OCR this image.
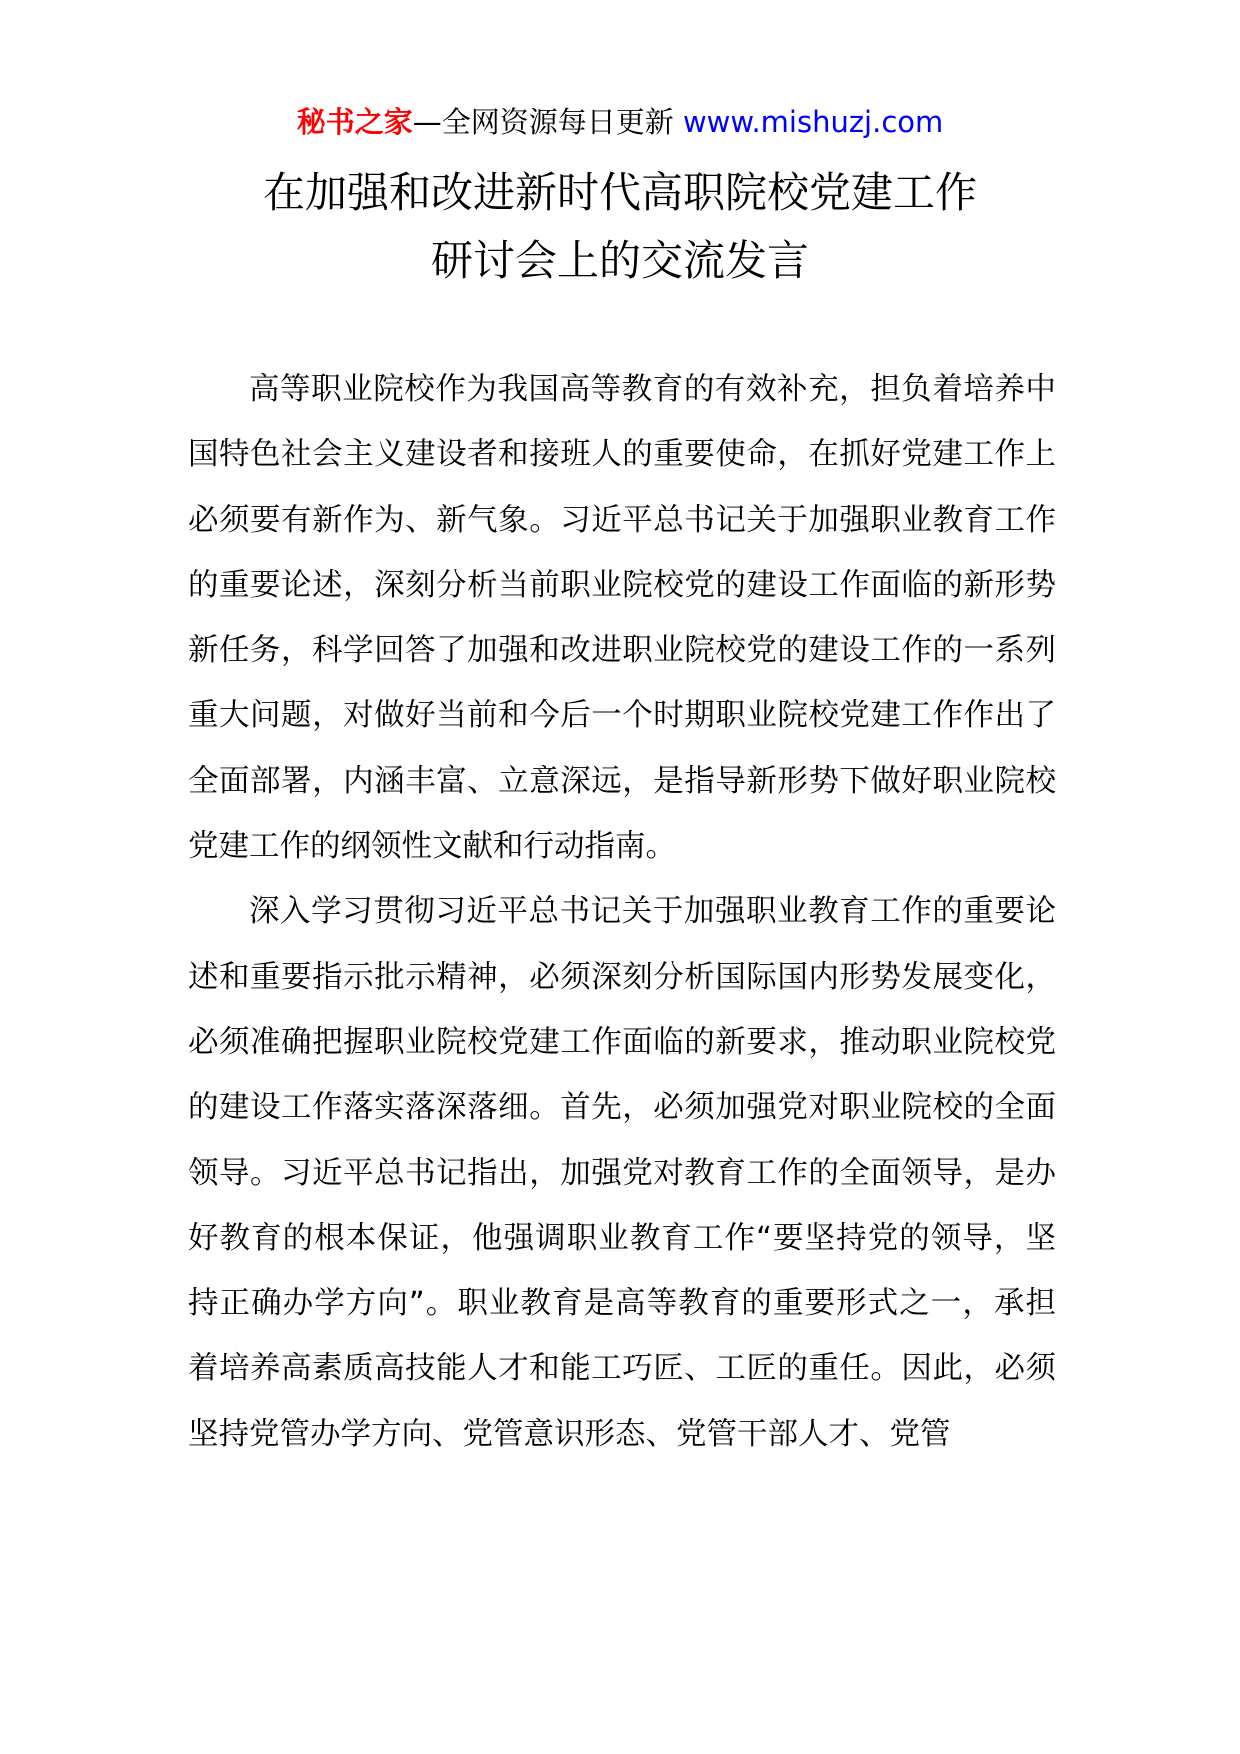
秘书之家—全网资源每日更新 www.mishuzj.com
在加强和改进新时代高职院校党建工作
研讨会上的交流发言

高等职业院校作为我国高等教育的有效补充，担负着培养中国特色社会主义建设者和接班人的重要使命，在抓好党建工作上必须要有新作为、新气象。习近平总书记关于加强职业教育工作的重要论述，深刻分析当前职业院校党的建设工作面临的新形势新任务，科学回答了加强和改进职业院校党的建设工作的一系列重大问题，对做好当前和今后一个时期职业院校党建工作作出了全面部署，内涵丰富、立意深远，是指导新形势下做好职业院校党建工作的纲领性文献和行动指南。

深入学习贯彻习近平总书记关于加强职业教育工作的重要论述和重要指示批示精神，必须深刻分析国际国内形势发展变化，必须准确把握职业院校党建工作面临的新要求，推动职业院校党的建设工作落实落深落细。首先，必须加强党对职业院校的全面领导。习近平总书记指出，加强党对教育工作的全面领导，是办好教育的根本保证，他强调职业教育工作“要坚持党的领导，坚持正确办学方向”。职业教育是高等教育的重要形式之一，承担着培养高素质高技能人才和能工巧匠、工匠的重任。因此，必须坚持党管办学方向、党管意识形态、党管干部人才、党管
